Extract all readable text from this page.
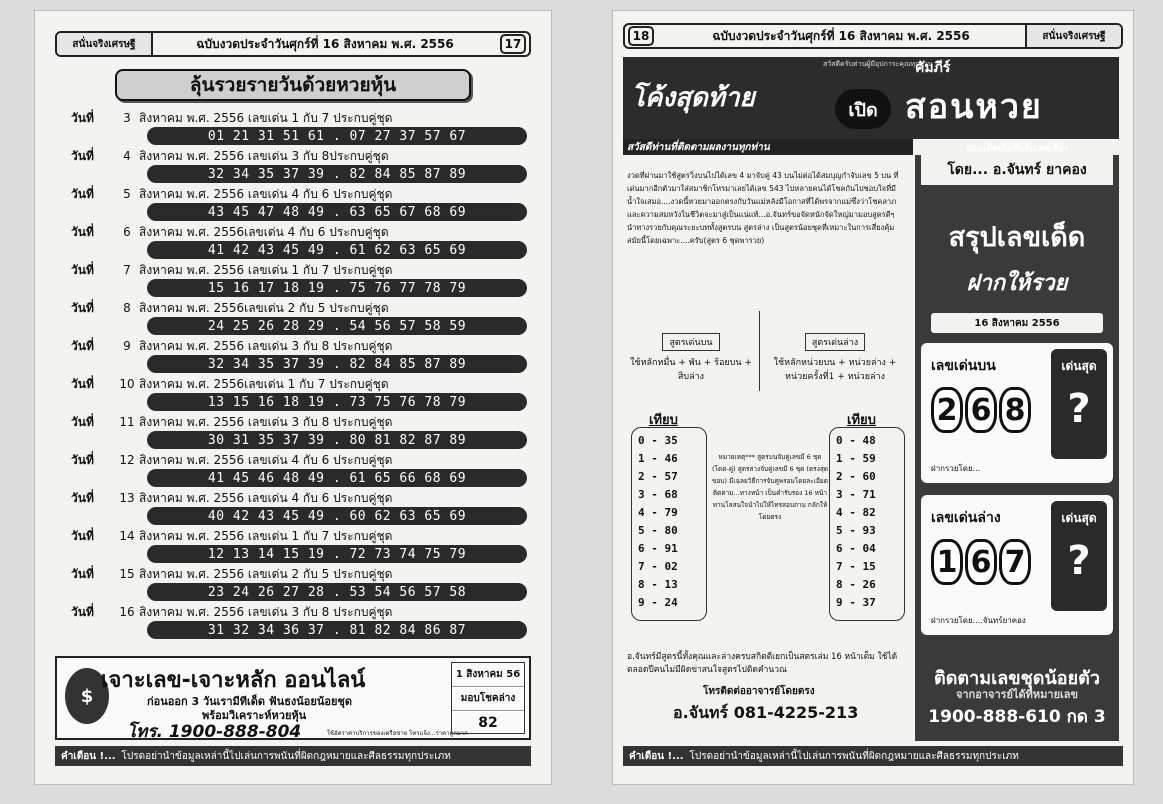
สนั่นจริงเศรษฐี	ฉบับงวดประจำวันศุกร์ที่ 16 สิงหาคม พ.ศ. 2556	17
ลุ้นรวยรายวันด้วยหวยหุ้น
วันที่	3 สิงหาคม พ.ศ. 2556 เลขเด่น 1 กับ 7 ประกบคู่ชุด
01 21 31 51 61 . 07 27 37 57 67
วันที่	4 สิงหาคม พ.ศ. 2556 เลขเด่น 3 กับ 8ประกบคู่ชุด
32 34 35 37 39 . 82 84 85 87 89
วันที่	5 สิงหาคม พ.ศ. 2556 เลขเด่น 4 กับ 6 ประกบคู่ชุด
43 45 47 48 49 . 63 65 67 68 69
วันที่	6 สิงหาคม พ.ศ. 2556เลขเด่น 4 กับ 6 ประกบคู่ชุด
41 42 43 45 49 . 61 62 63 65 69
วันที่	7 สิงหาคม พ.ศ. 2556 เลขเด่น 1 กับ 7 ประกบคู่ชุด
15 16 17 18 19 . 75 76 77 78 79
วันที่	8 สิงหาคม พ.ศ. 2556เลขเด่น 2 กับ 5 ประกบคู่ชุด
24 25 26 28 29 . 54 56 57 58 59
วันที่	9 สิงหาคม พ.ศ. 2556 เลขเด่น 3 กับ 8 ประกบคู่ชุด
32 34 35 37 39 . 82 84 85 87 89
วันที่	10 สิงหาคม พ.ศ. 2556เลขเด่น 1 กับ 7 ประกบคู่ชุด
13 15 16 18 19 . 73 75 76 78 79
วันที่	11 สิงหาคม พ.ศ. 2556 เลขเด่น 3 กับ 8 ประกบคู่ชุด
30 31 35 37 39 . 80 81 82 87 89
วันที่	12 สิงหาคม พ.ศ. 2556 เลขเด่น 4 กับ 6 ประกบคู่ชุด
41 45 46 48 49 . 61 65 66 68 69
วันที่	13 สิงหาคม พ.ศ. 2556 เลขเด่น 4 กับ 6 ประกบคู่ชุด
40 42 43 45 49 . 60 62 63 65 69
วันที่	14 สิงหาคม พ.ศ. 2556 เลขเด่น 1 กับ 7 ประกบคู่ชุด
12 13 14 15 19 . 72 73 74 75 79
วันที่	15 สิงหาคม พ.ศ. 2556 เลขเด่น 2 กับ 5 ประกบคู่ชุด
23 24 26 27 28 . 53 54 56 57 58
วันที่	16 สิงหาคม พ.ศ. 2556 เลขเด่น 3 กับ 8 ประกบคู่ชุด
31 32 34 36 37 . 81 82 84 86 87
$
เจาะเลข-เจาะหลัก ออนไลน์
ก่อนออก 3 วันเรามีทีเด็ด ฟันธงน้อยน้อยชุด
พร้อมวิเคราะห์หวยหุ้น
โทร. 1900-888-804	ใช้อัตราค่าบริการของเครือข่าย โทรแจ้ง...ราคาถูกมาก
1 สิงหาคม 56
มอบโชคล่าง
82
คำเตือน !... โปรดอย่านำข้อมูลเหล่านี้ไปเล่นการพนันที่ผิดกฎหมายและศีลธรรมทุกประเภท
18	ฉบับงวดประจำวันศุกร์ที่ 16 สิงหาคม พ.ศ. 2556	สนั่นจริงเศรษฐี
สวัสดีครับท่านผู้มีอุปการะคุณทุกท่าน
โค้งสุดท้าย	เปิด
คัมภีร์
สอนหวย
สวัสดีท่านที่ติดตามผลงานทุกท่าน
งวดที่ผ่านมาใช้สูตรวิ่งบนไปได้เลข 4 มาจับคู่ 43 บนไม่ต่อได้สมบุญกำจับเลข 5 บน ที่เด่นมากอีกตัวมาใส่สมาชิกโหรมาเลยได้เลข 543 ไปหลายคนได้โชคกันไปชอบใจที่มีน้ำใจเสมอ....งวดนี้หวยมาออกตรงกับวันแม่หลังมีโอกาสที่ได้พรจากแม่ซึ่งว่าโชคลาภและความสมหวังในชีวิตจะมาสู่เป็นแน่แท้...อ.จันทร์ขอจัดหนักจัดใหญ่มามอบสูตรดีๆ นำทางรวยกับคุณระยะบททั้งสูตรบน สูตรล่าง เป็นสูตรน้อยชุดที่เหมาะในการเสี่ยงคุ้มสมัยนี้โดยเฉพาะ....ครับ(สูตร 6 ชุดพารวย)
สูตรเด่นบน
ใช้หลักหมื่น + พัน + ร้อยบน + สิบล่าง
สูตรเด่นล่าง
ใช้หลักหน่วยบน + หน่วยล่าง + หน่วยครั้งที่1 + หน่วยล่าง
เทียบ
0 - 35
1 - 46
2 - 57
3 - 68
4 - 79
5 - 80
6 - 91
7 - 02
8 - 13
9 - 24
หมายเหตุ*** สูตรบนจับคู่เลขมี 6 ชุด (โดด-คู่) สูตรล่างจับคู่เลขมี 6 ชุด (ตรงสุดขอบ) มีเฉลยวิธีการจับคู่พรอมโดยละเอียด ติดตาม...ทางหน้า เป็นคำรับรอง 16 หน้า ทานโลสนใจนำไปให้ไทรสอบถาม กลักให้โดยตรง
เทียบ
0 - 48
1 - 59
2 - 60
3 - 71
4 - 82
5 - 93
6 - 04
7 - 15
8 - 26
9 - 37
อ.จันทร์มีสูตรนี้ทั้งคุณและล่างครบสกิตตีเยกเป็นสตรเล่ม 16 หน้าเต็ม ใช้ได้ตลอดปีคนไม่มีผิดข่าสนใจสูตรไปติดคำนวณ
โทรติดต่ออาจารย์โดยตรง
อ.จันทร์ 081-4225-213
ถลมเคิดเกิดลับจับเลขเสียง
โดย... อ.จันทร์ ยาคอง
สรุปเลขเด็ด
ฝากให้รวย
16 สิงหาคม 2556
เลขเด่นบน
2 6 8
เด่นสุด
?
ฝากรวยโดย...
เลขเด่นล่าง
1 6 7
เด่นสุด
?
ฝากรวยโดย....จันทร์ยาคอง
ติดตามเลขชุดน้อยตัว
จากอาจารย์ได้ที่หมายเลข
1900-888-610 กด 3
คำเตือน !... โปรดอย่านำข้อมูลเหล่านี้ไปเล่นการพนันที่ผิดกฎหมายและศีลธรรมทุกประเภท
